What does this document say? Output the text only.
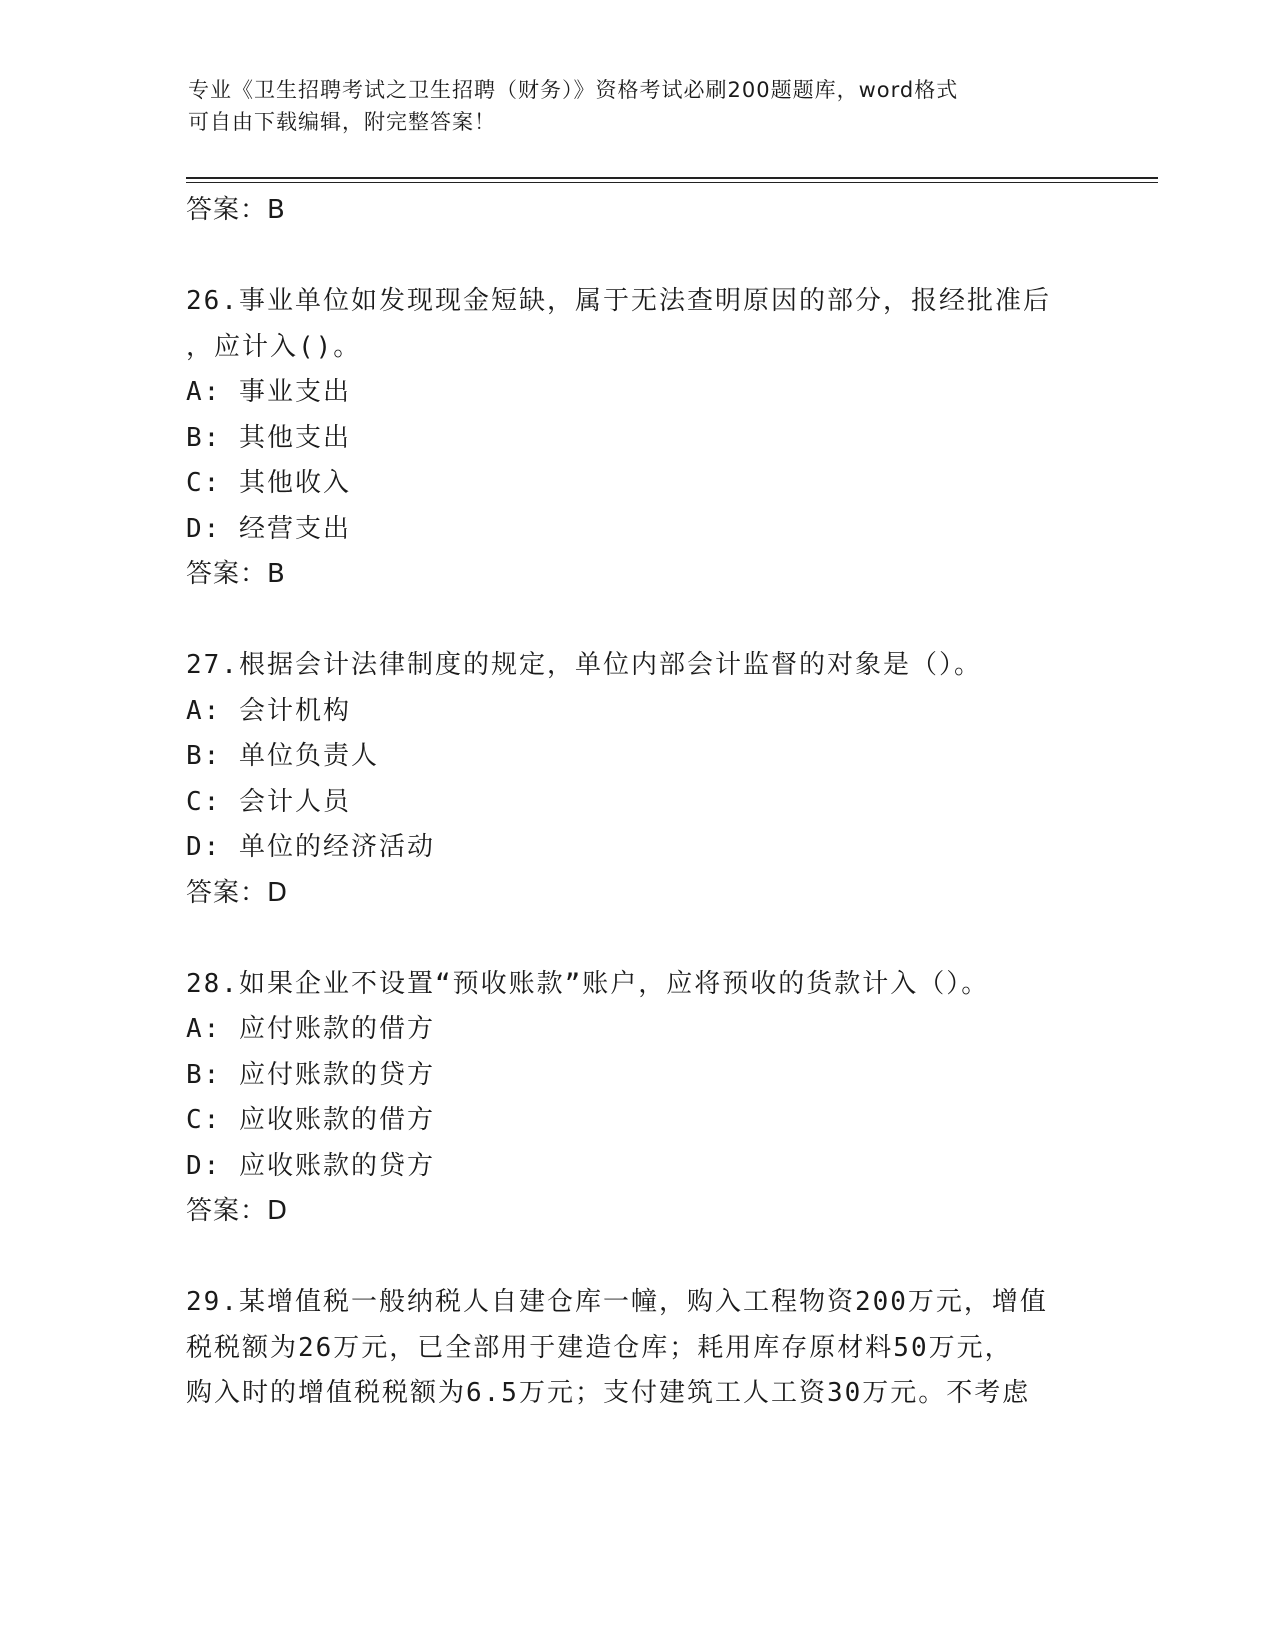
专业《卫生招聘考试之卫生招聘（财务）》资格考试必刷200题题库，word格式
可自由下载编辑，附完整答案！
答案：B
26.事业单位如发现现金短缺，属于无法查明原因的部分，报经批准后
，应计入()。
A: 事业支出
B: 其他支出
C: 其他收入
D: 经营支出
答案：B
27.根据会计法律制度的规定，单位内部会计监督的对象是（）。
A: 会计机构
B: 单位负责人
C: 会计人员
D: 单位的经济活动
答案：D
28.如果企业不设置“预收账款”账户，应将预收的货款计入（）。
A: 应付账款的借方
B: 应付账款的贷方
C: 应收账款的借方
D: 应收账款的贷方
答案：D
29.某增值税一般纳税人自建仓库一幢，购入工程物资200万元，增值
税税额为26万元，已全部用于建造仓库；耗用库存原材料50万元，
购入时的增值税税额为6.5万元；支付建筑工人工资30万元。不考虑
